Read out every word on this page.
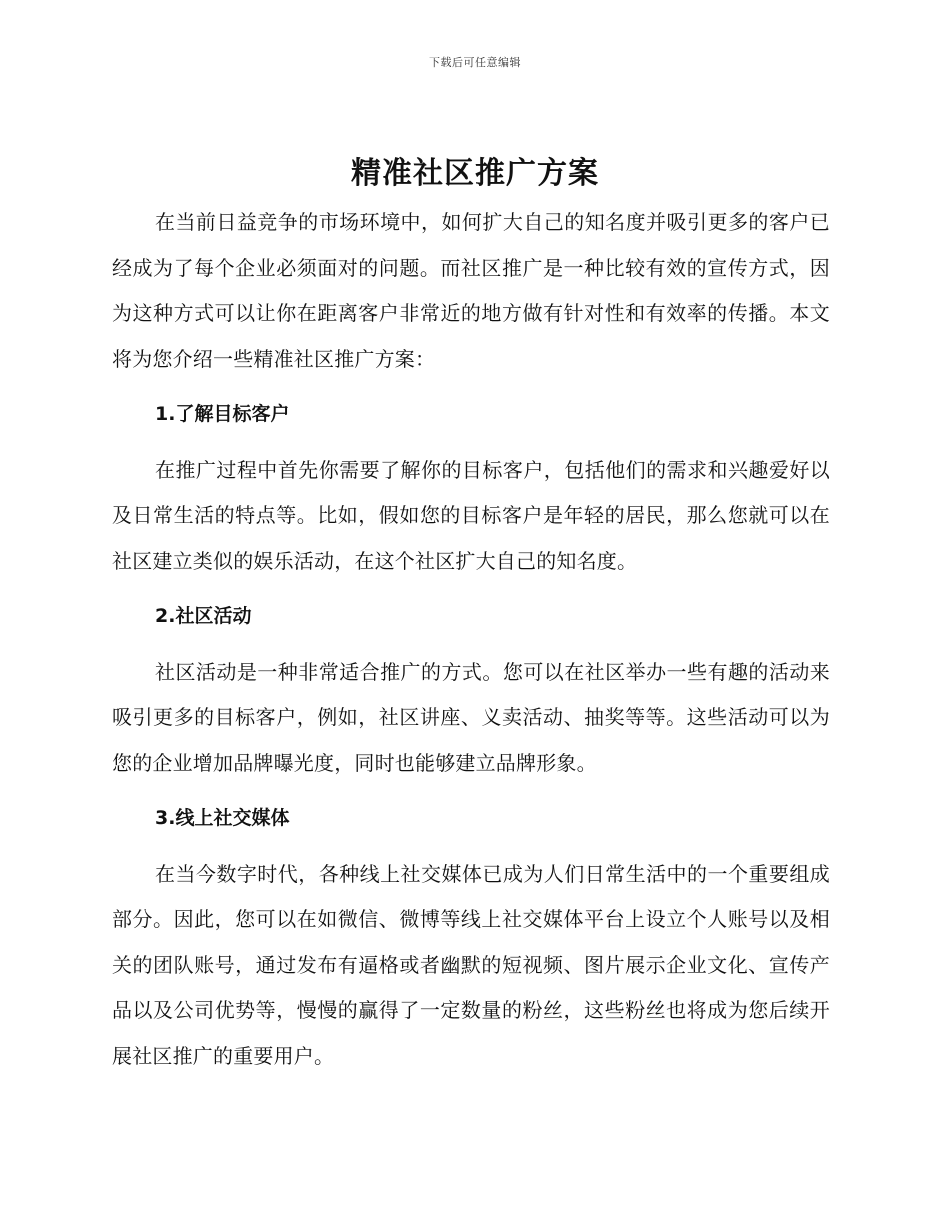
下载后可任意编辑
精准社区推广方案

在当前日益竞争的市场环境中，如何扩大自己的知名度并吸引更多的客户已经成为了每个企业必须面对的问题。而社区推广是一种比较有效的宣传方式，因为这种方式可以让你在距离客户非常近的地方做有针对性和有效率的传播。本文将为您介绍一些精准社区推广方案：

1.了解目标客户

在推广过程中首先你需要了解你的目标客户，包括他们的需求和兴趣爱好以及日常生活的特点等。比如，假如您的目标客户是年轻的居民，那么您就可以在社区建立类似的娱乐活动，在这个社区扩大自己的知名度。

2.社区活动

社区活动是一种非常适合推广的方式。您可以在社区举办一些有趣的活动来吸引更多的目标客户，例如，社区讲座、义卖活动、抽奖等等。这些活动可以为您的企业增加品牌曝光度，同时也能够建立品牌形象。

3.线上社交媒体

在当今数字时代，各种线上社交媒体已成为人们日常生活中的一个重要组成部分。因此，您可以在如微信、微博等线上社交媒体平台上设立个人账号以及相关的团队账号，通过发布有逼格或者幽默的短视频、图片展示企业文化、宣传产品以及公司优势等，慢慢的赢得了一定数量的粉丝，这些粉丝也将成为您后续开展社区推广的重要用户。
